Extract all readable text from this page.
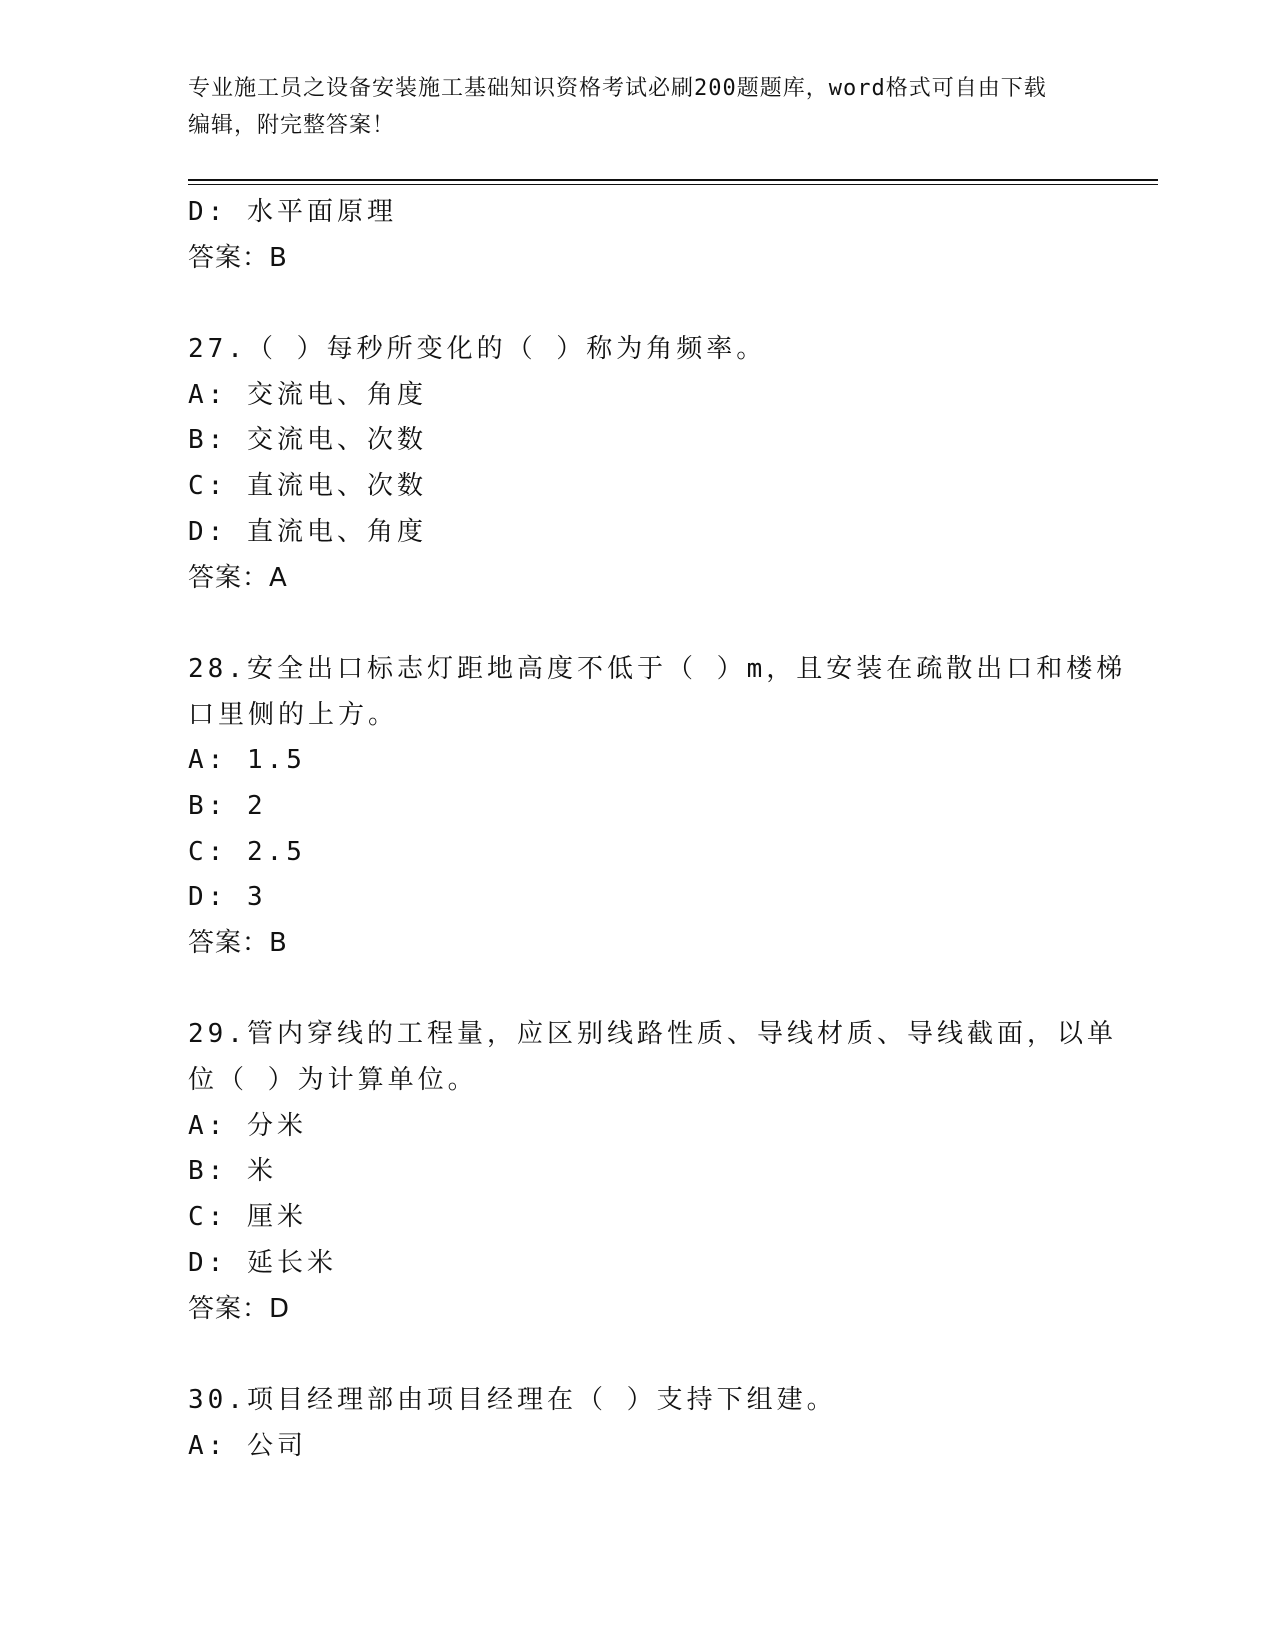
专业施工员之设备安装施工基础知识资格考试必刷200题题库，word格式可自由下载编辑，附完整答案！
D: 水平面原理
答案：B
27.（ ）每秒所变化的（ ）称为角频率。
A: 交流电、角度
B: 交流电、次数
C: 直流电、次数
D: 直流电、角度
答案：A
28.安全出口标志灯距地高度不低于（ ）m，且安装在疏散出口和楼梯
口里侧的上方。
A: 1.5
B: 2
C: 2.5
D: 3
答案：B
29.管内穿线的工程量，应区别线路性质、导线材质、导线截面，以单
位（ ）为计算单位。
A: 分米
B: 米
C: 厘米
D: 延长米
答案：D
30.项目经理部由项目经理在（ ）支持下组建。
A: 公司
